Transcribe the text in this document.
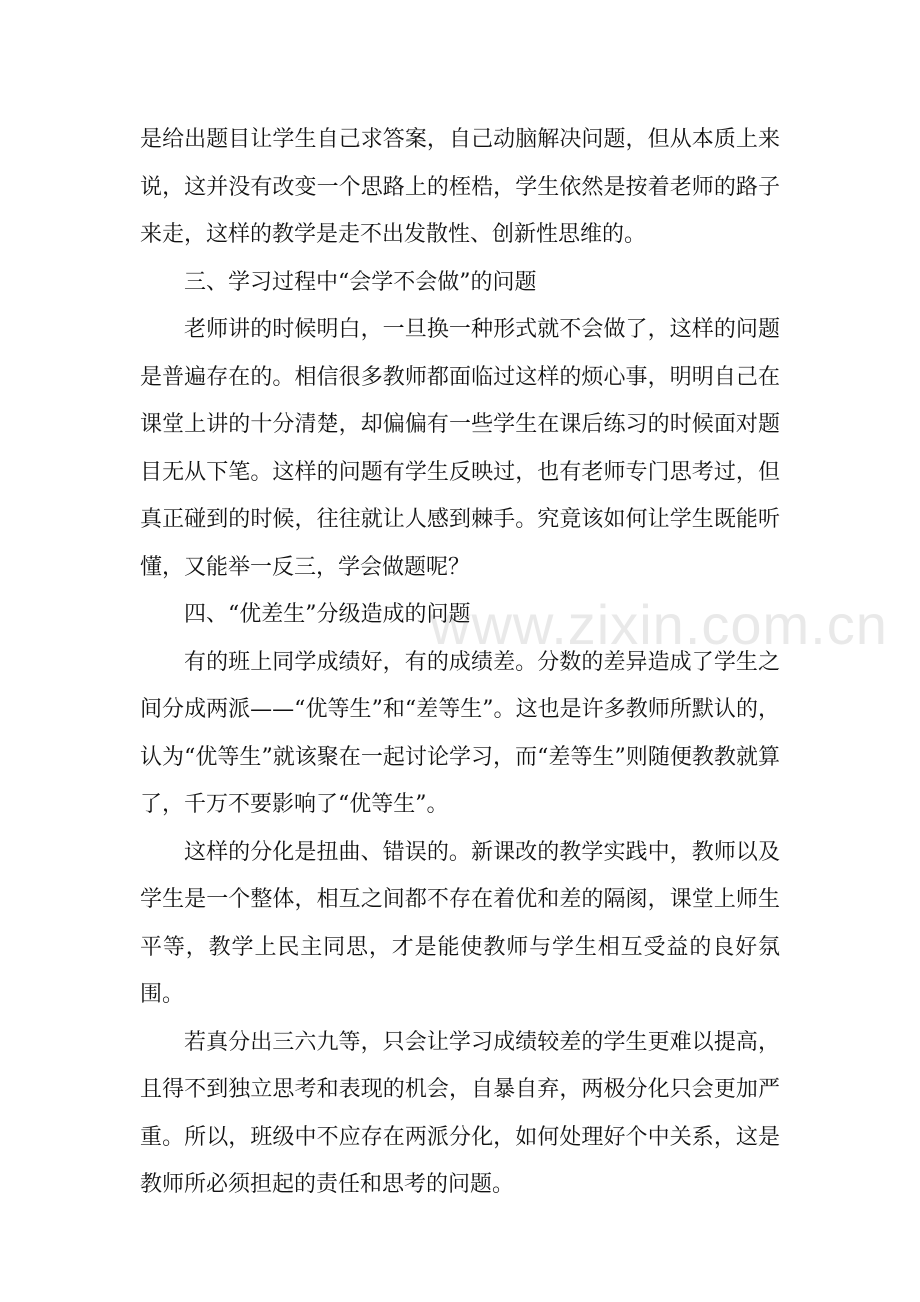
是给出题目让学生自己求答案，自己动脑解决问题，但从本质上来说，这并没有改变一个思路上的桎梏，学生依然是按着老师的路子来走，这样的教学是走不出发散性、创新性思维的。

三、学习过程中“会学不会做”的问题

老师讲的时候明白，一旦换一种形式就不会做了，这样的问题是普遍存在的。相信很多教师都面临过这样的烦心事，明明自己在课堂上讲的十分清楚，却偏偏有一些学生在课后练习的时候面对题目无从下笔。这样的问题有学生反映过，也有老师专门思考过，但真正碰到的时候，往往就让人感到棘手。究竟该如何让学生既能听懂，又能举一反三，学会做题呢？

四、“优差生”分级造成的问题

有的班上同学成绩好，有的成绩差。分数的差异造成了学生之间分成两派——“优等生”和“差等生”。这也是许多教师所默认的，认为“优等生”就该聚在一起讨论学习，而“差等生”则随便教教就算了，千万不要影响了“优等生”。

这样的分化是扭曲、错误的。新课改的教学实践中，教师以及学生是一个整体，相互之间都不存在着优和差的隔阂，课堂上师生平等，教学上民主同思，才是能使教师与学生相互受益的良好氛围。

若真分出三六九等，只会让学习成绩较差的学生更难以提高，且得不到独立思考和表现的机会，自暴自弃，两极分化只会更加严重。所以，班级中不应存在两派分化，如何处理好个中关系，这是教师所必须担起的责任和思考的问题。

www.zixin.com.cn
